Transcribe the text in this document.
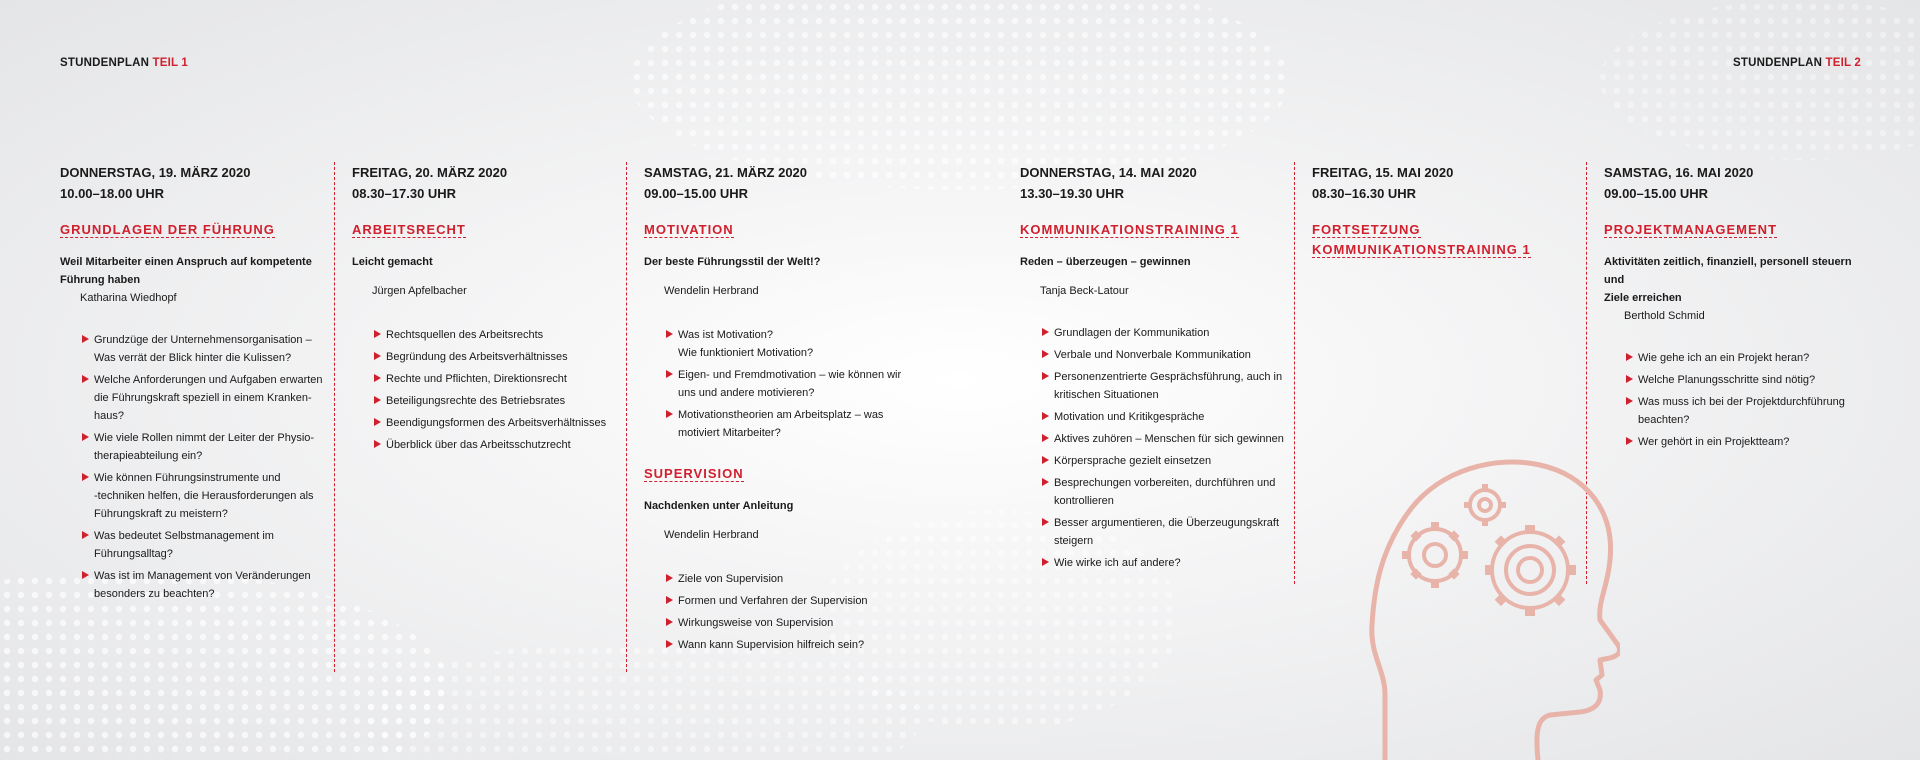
STUNDENPLAN TEIL 1	STUNDENPLAN TEIL 2
DONNERSTAG, 19. MÄRZ 2020
10.00–18.00 UHR
GRUNDLAGEN DER FÜHRUNG
Weil Mitarbeiter einen Anspruch auf kompetente
Führung haben
Katharina Wiedhopf
Grundzüge der Unternehmensorganisation –
Was verrät der Blick hinter die Kulissen?
Welche Anforderungen und Aufgaben erwarten
die Führungskraft speziell in einem Kranken-
haus?
Wie viele Rollen nimmt der Leiter der Physio-
therapieabteilung ein?
Wie können Führungsinstrumente und
-techniken helfen, die Herausforderungen als
Führungskraft zu meistern?
Was bedeutet Selbstmanagement im
Führungsalltag?
Was ist im Management von Veränderungen
besonders zu beachten?
FREITAG, 20. MÄRZ 2020
08.30–17.30 UHR
ARBEITSRECHT
Leicht gemacht
Jürgen Apfelbacher
Rechtsquellen des Arbeitsrechts
Begründung des Arbeitsverhältnisses
Rechte und Pflichten, Direktionsrecht
Beteiligungsrechte des Betriebsrates
Beendigungsformen des Arbeitsverhältnisses
Überblick über das Arbeitsschutzrecht
SAMSTAG, 21. MÄRZ 2020
09.00–15.00 UHR
MOTIVATION
Der beste Führungsstil der Welt!?
Wendelin Herbrand
Was ist Motivation?
Wie funktioniert Motivation?
Eigen- und Fremdmotivation – wie können wir
uns und andere motivieren?
Motivationstheorien am Arbeitsplatz – was
motiviert Mitarbeiter?
SUPERVISION
Nachdenken unter Anleitung
Wendelin Herbrand
Ziele von Supervision
Formen und Verfahren der Supervision
Wirkungsweise von Supervision
Wann kann Supervision hilfreich sein?
DONNERSTAG, 14. MAI 2020
13.30–19.30 UHR
KOMMUNIKATIONSTRAINING 1
Reden – überzeugen – gewinnen
Tanja Beck-Latour
Grundlagen der Kommunikation
Verbale und Nonverbale Kommunikation
Personenzentrierte Gesprächsführung, auch in
kritischen Situationen
Motivation und Kritikgespräche
Aktives zuhören – Menschen für sich gewinnen
Körpersprache gezielt einsetzen
Besprechungen vorbereiten, durchführen und
kontrollieren
Besser argumentieren, die Überzeugungskraft
steigern
Wie wirke ich auf andere?
FREITAG, 15. MAI 2020
08.30–16.30 UHR
FORTSETZUNG
KOMMUNIKATIONSTRAINING 1
SAMSTAG, 16. MAI 2020
09.00–15.00 UHR
PROJEKTMANAGEMENT
Aktivitäten zeitlich, finanziell, personell steuern und
Ziele erreichen
Berthold Schmid
Wie gehe ich an ein Projekt heran?
Welche Planungsschritte sind nötig?
Was muss ich bei der Projektdurchführung
beachten?
Wer gehört in ein Projektteam?
